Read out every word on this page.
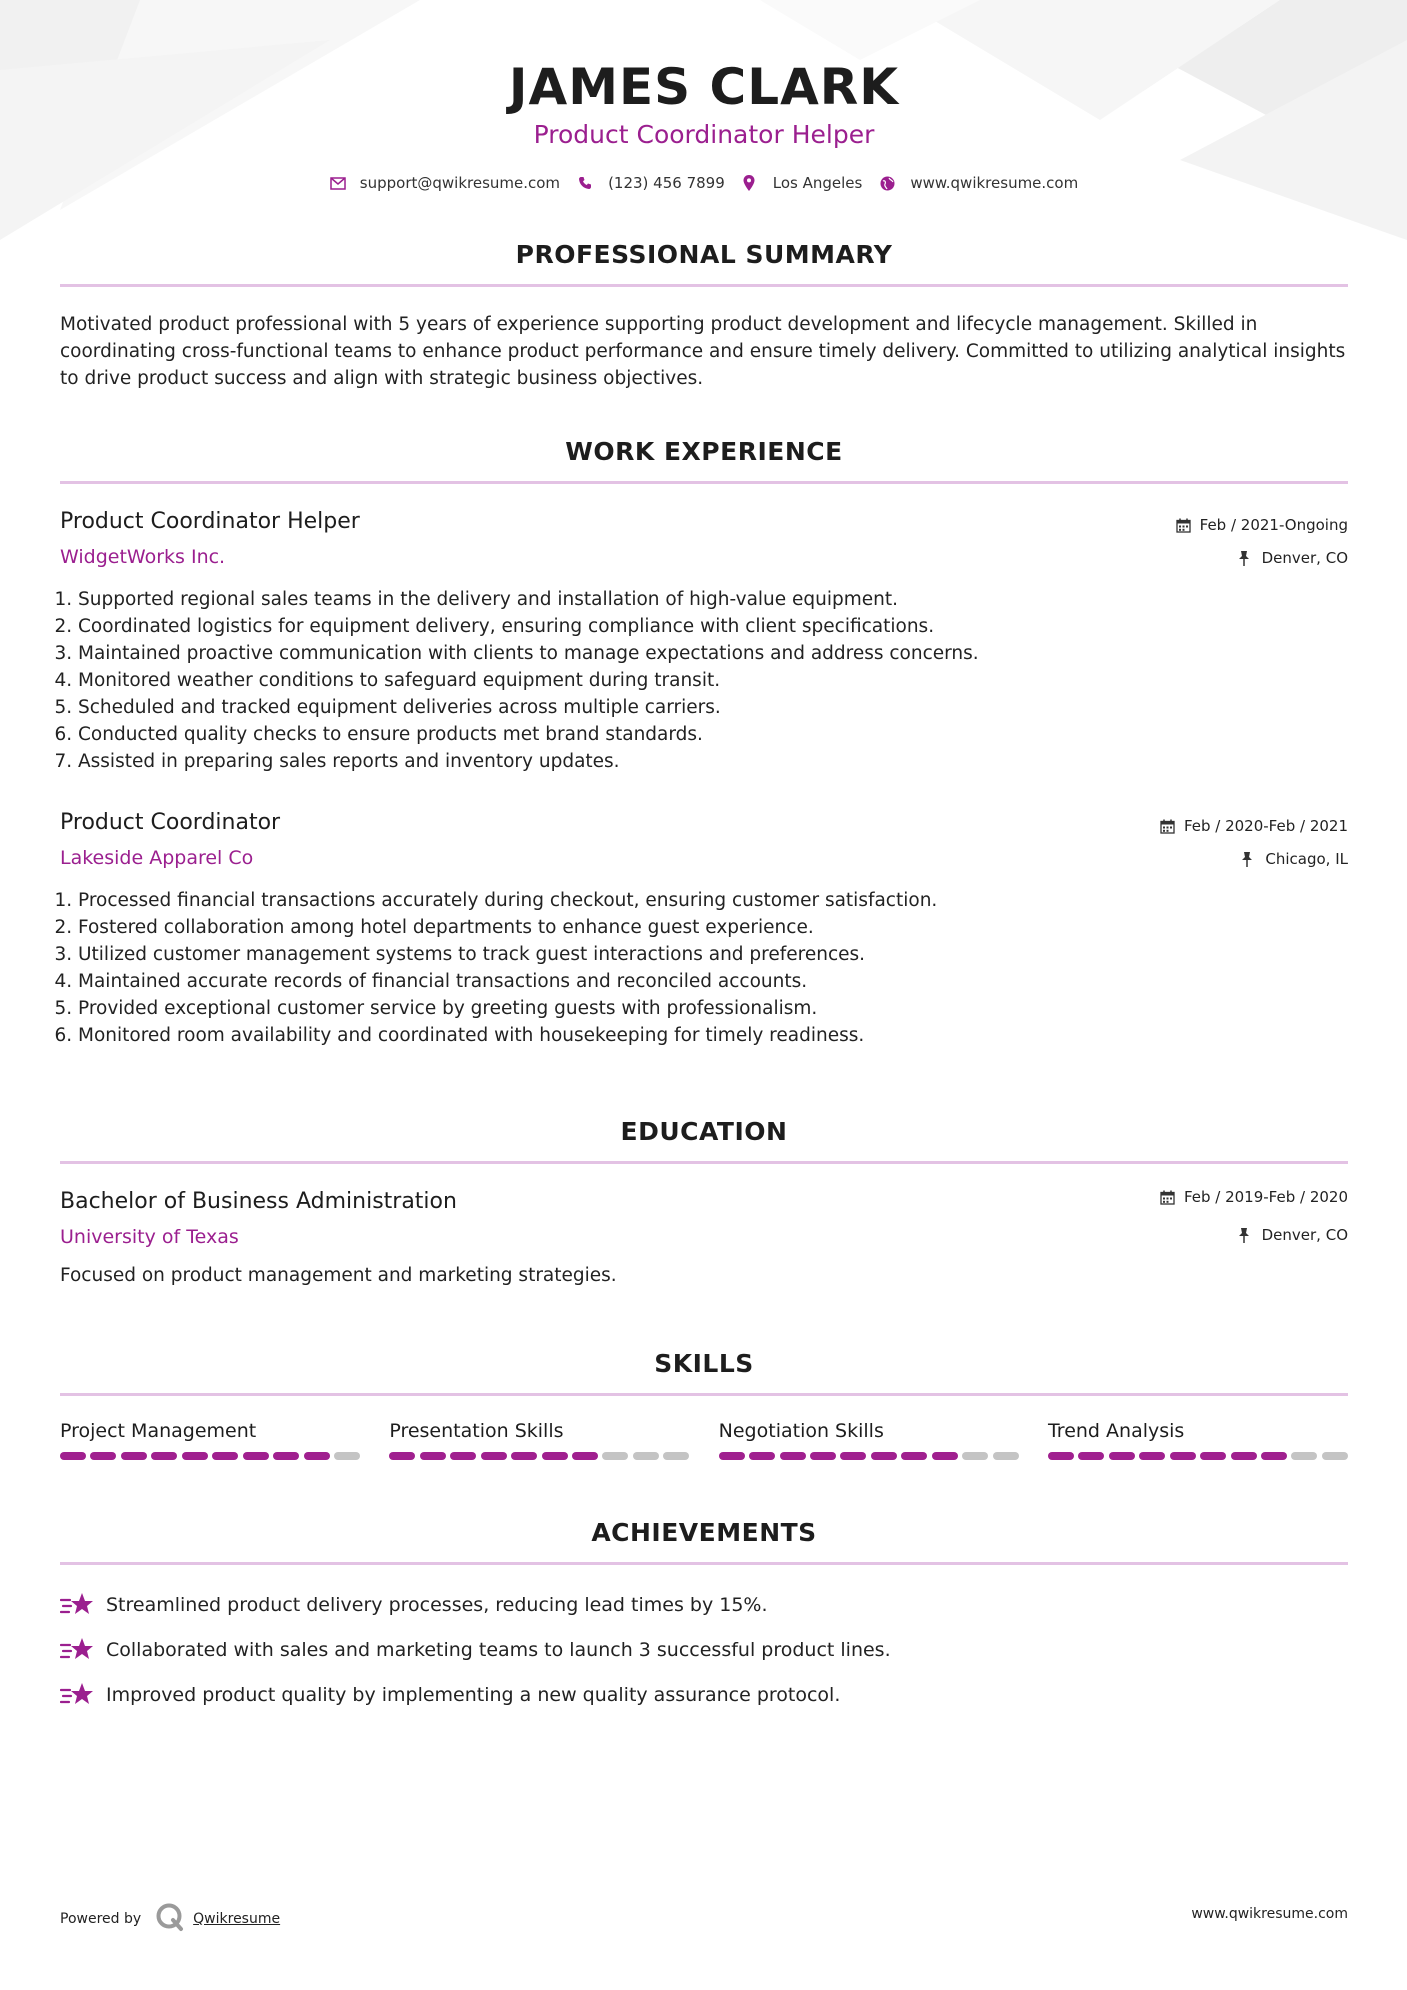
JAMES CLARK
Product Coordinator Helper
support@qwikresume.com	(123) 456 7899	Los Angeles	www.qwikresume.com
PROFESSIONAL SUMMARY
Motivated product professional with 5 years of experience supporting product development and lifecycle management. Skilled in coordinating cross-functional teams to enhance product performance and ensure timely delivery. Committed to utilizing analytical insights to drive product success and align with strategic business objectives.
WORK EXPERIENCE
Product Coordinator Helper
WidgetWorks Inc.
Feb / 2021-Ongoing
Denver, CO
1. Supported regional sales teams in the delivery and installation of high-value equipment.
2. Coordinated logistics for equipment delivery, ensuring compliance with client specifications.
3. Maintained proactive communication with clients to manage expectations and address concerns.
4. Monitored weather conditions to safeguard equipment during transit.
5. Scheduled and tracked equipment deliveries across multiple carriers.
6. Conducted quality checks to ensure products met brand standards.
7. Assisted in preparing sales reports and inventory updates.
Product Coordinator
Lakeside Apparel Co
Feb / 2020-Feb / 2021
Chicago, IL
1. Processed financial transactions accurately during checkout, ensuring customer satisfaction.
2. Fostered collaboration among hotel departments to enhance guest experience.
3. Utilized customer management systems to track guest interactions and preferences.
4. Maintained accurate records of financial transactions and reconciled accounts.
5. Provided exceptional customer service by greeting guests with professionalism.
6. Monitored room availability and coordinated with housekeeping for timely readiness.
EDUCATION
Bachelor of Business Administration
University of Texas
Feb / 2019-Feb / 2020
Denver, CO
Focused on product management and marketing strategies.
SKILLS
Project Management	Presentation Skills	Negotiation Skills	Trend Analysis
ACHIEVEMENTS
Streamlined product delivery processes, reducing lead times by 15%.
Collaborated with sales and marketing teams to launch 3 successful product lines.
Improved product quality by implementing a new quality assurance protocol.
Powered by	Qwikresume	www.qwikresume.com
